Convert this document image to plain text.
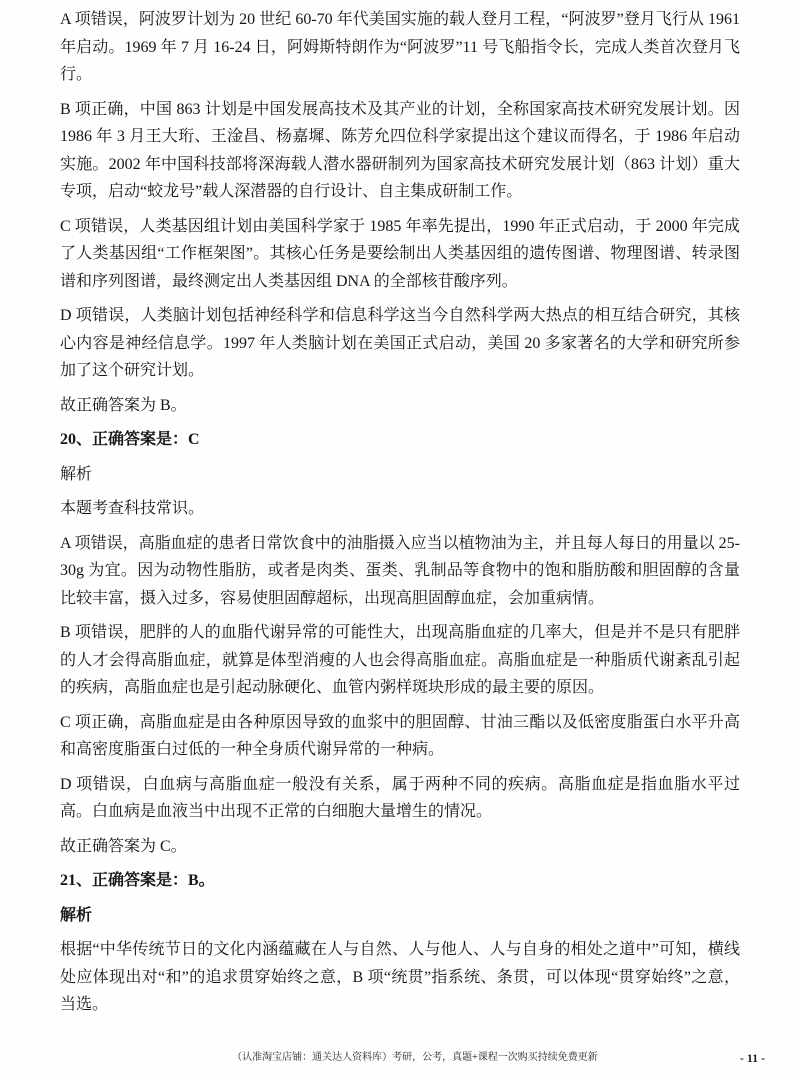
A 项错误，阿波罗计划为 20 世纪 60-70 年代美国实施的载人登月工程，“阿波罗”登月飞行从 1961 年启动。1969 年 7 月 16-24 日，阿姆斯特朗作为“阿波罗”11 号飞船指令长，完成人类首次登月飞行。

B 项正确，中国 863 计划是中国发展高技术及其产业的计划，全称国家高技术研究发展计划。因 1986 年 3 月王大珩、王淦昌、杨嘉墀、陈芳允四位科学家提出这个建议而得名，于 1986 年启动实施。2002 年中国科技部将深海载人潜水器研制列为国家高技术研究发展计划（863 计划）重大专项，启动“蛟龙号”载人深潜器的自行设计、自主集成研制工作。

C 项错误，人类基因组计划由美国科学家于 1985 年率先提出，1990 年正式启动，于 2000 年完成了人类基因组“工作框架图”。其核心任务是要绘制出人类基因组的遗传图谱、物理图谱、转录图谱和序列图谱，最终测定出人类基因组 DNA 的全部核苷酸序列。

D 项错误，人类脑计划包括神经科学和信息科学这当今自然科学两大热点的相互结合研究，其核心内容是神经信息学。1997 年人类脑计划在美国正式启动，美国 20 多家著名的大学和研究所参加了这个研究计划。

故正确答案为 B。

20、正确答案是：C

解析

本题考查科技常识。

A 项错误，高脂血症的患者日常饮食中的油脂摄入应当以植物油为主，并且每人每日的用量以 25-30g 为宜。因为动物性脂肪，或者是肉类、蛋类、乳制品等食物中的饱和脂肪酸和胆固醇的含量比较丰富，摄入过多，容易使胆固醇超标，出现高胆固醇血症，会加重病情。

B 项错误，肥胖的人的血脂代谢异常的可能性大，出现高脂血症的几率大，但是并不是只有肥胖的人才会得高脂血症，就算是体型消瘦的人也会得高脂血症。高脂血症是一种脂质代谢紊乱引起的疾病，高脂血症也是引起动脉硬化、血管内粥样斑块形成的最主要的原因。

C 项正确，高脂血症是由各种原因导致的血浆中的胆固醇、甘油三酯以及低密度脂蛋白水平升高和高密度脂蛋白过低的一种全身质代谢异常的一种病。

D 项错误，白血病与高脂血症一般没有关系，属于两种不同的疾病。高脂血症是指血脂水平过高。白血病是血液当中出现不正常的白细胞大量增生的情况。

故正确答案为 C。

21、正确答案是：B。

解析

根据“中华传统节日的文化内涵蕴藏在人与自然、人与他人、人与自身的相处之道中”可知，横线处应体现出对“和”的追求贯穿始终之意，B 项“统贯”指系统、条贯，可以体现“贯穿始终”之意，当选。

（认准淘宝店铺：通关达人资料库）考研，公考，真题+课程一次购买持续免费更新	- 11 -
